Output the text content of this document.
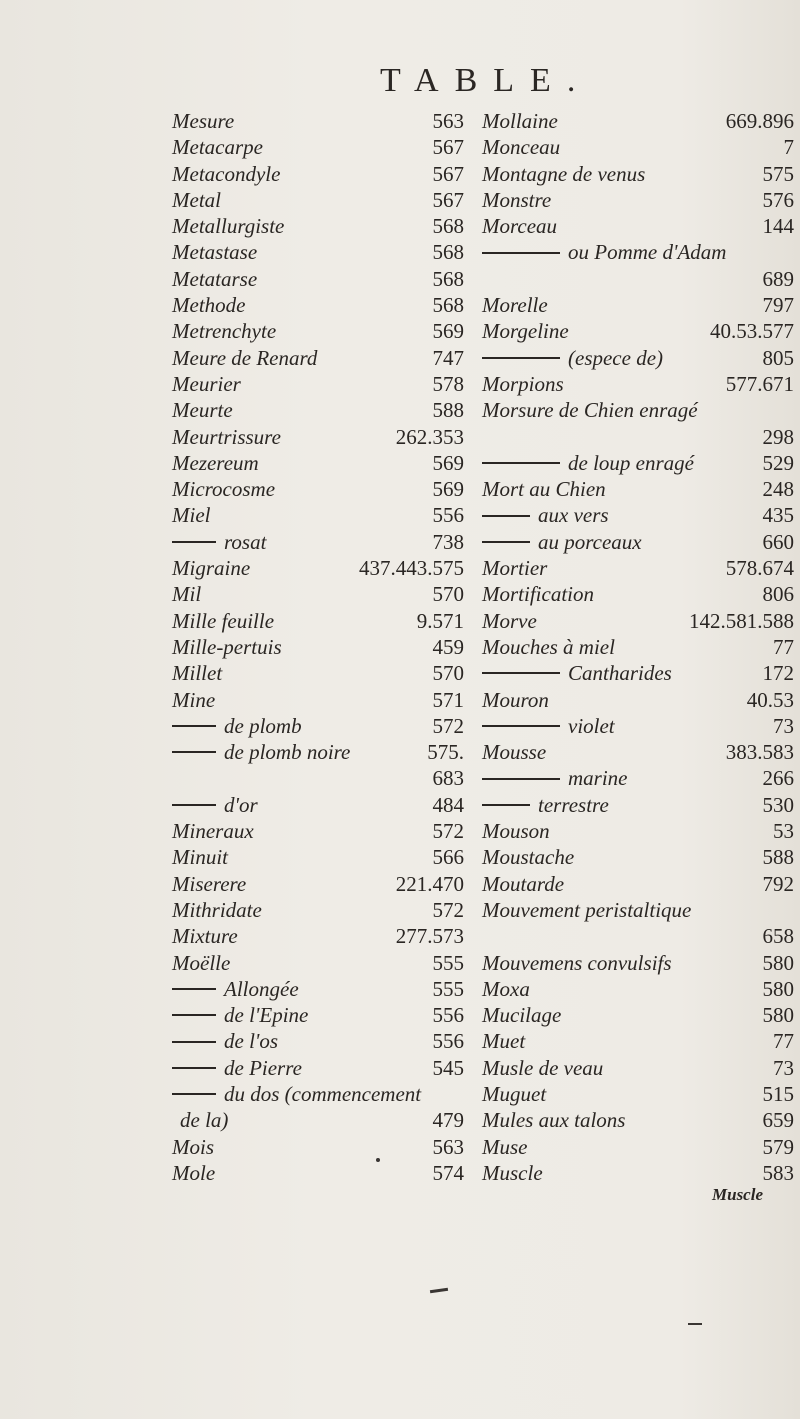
TABLE.
Mesure	563
Metacarpe	567
Metacondyle	567
Metal	567
Metallurgiste	568
Metastase	568
Metatarse	568
Methode	568
Metrenchyte	569
Meure de Renard	747
Meurier	578
Meurte	588
Meurtrissure	262.353
Mezereum	569
Microcosme	569
Miel	556
rosat	738
Migraine	437.443.575
Mil	570
Mille feuille	9.571
Mille-pertuis	459
Millet	570
Mine	571
de plomb	572
de plomb noire	575.
683
d'or	484
Mineraux	572
Minuit	566
Miserere	221.470
Mithridate	572
Mixture	277.573
Moëlle	555
Allongée	555
de l'Epine	556
de l'os	556
de Pierre	545
du dos (commencement
de la)	479
Mois	563
Mole	574
Mollaine	669.896
Monceau	7
Montagne de venus	575
Monstre	576
Morceau	144
ou Pomme d'Adam
689
Morelle	797
Morgeline	40.53.577
(espece de)	805
Morpions	577.671
Morsure de Chien enragé
298
de loup enragé	529
Mort au Chien	248
aux vers	435
au porceaux	660
Mortier	578.674
Mortification	806
Morve	142.581.588
Mouches à miel	77
Cantharides	172
Mouron	40.53
violet	73
Mousse	383.583
marine	266
terrestre	530
Mouson	53
Moustache	588
Moutarde	792
Mouvement peristaltique
658
Mouvemens convulsifs	580
Moxa	580
Mucilage	580
Muet	77
Musle de veau	73
Muguet	515
Mules aux talons	659
Muse	579
Muscle	583
Muscle
